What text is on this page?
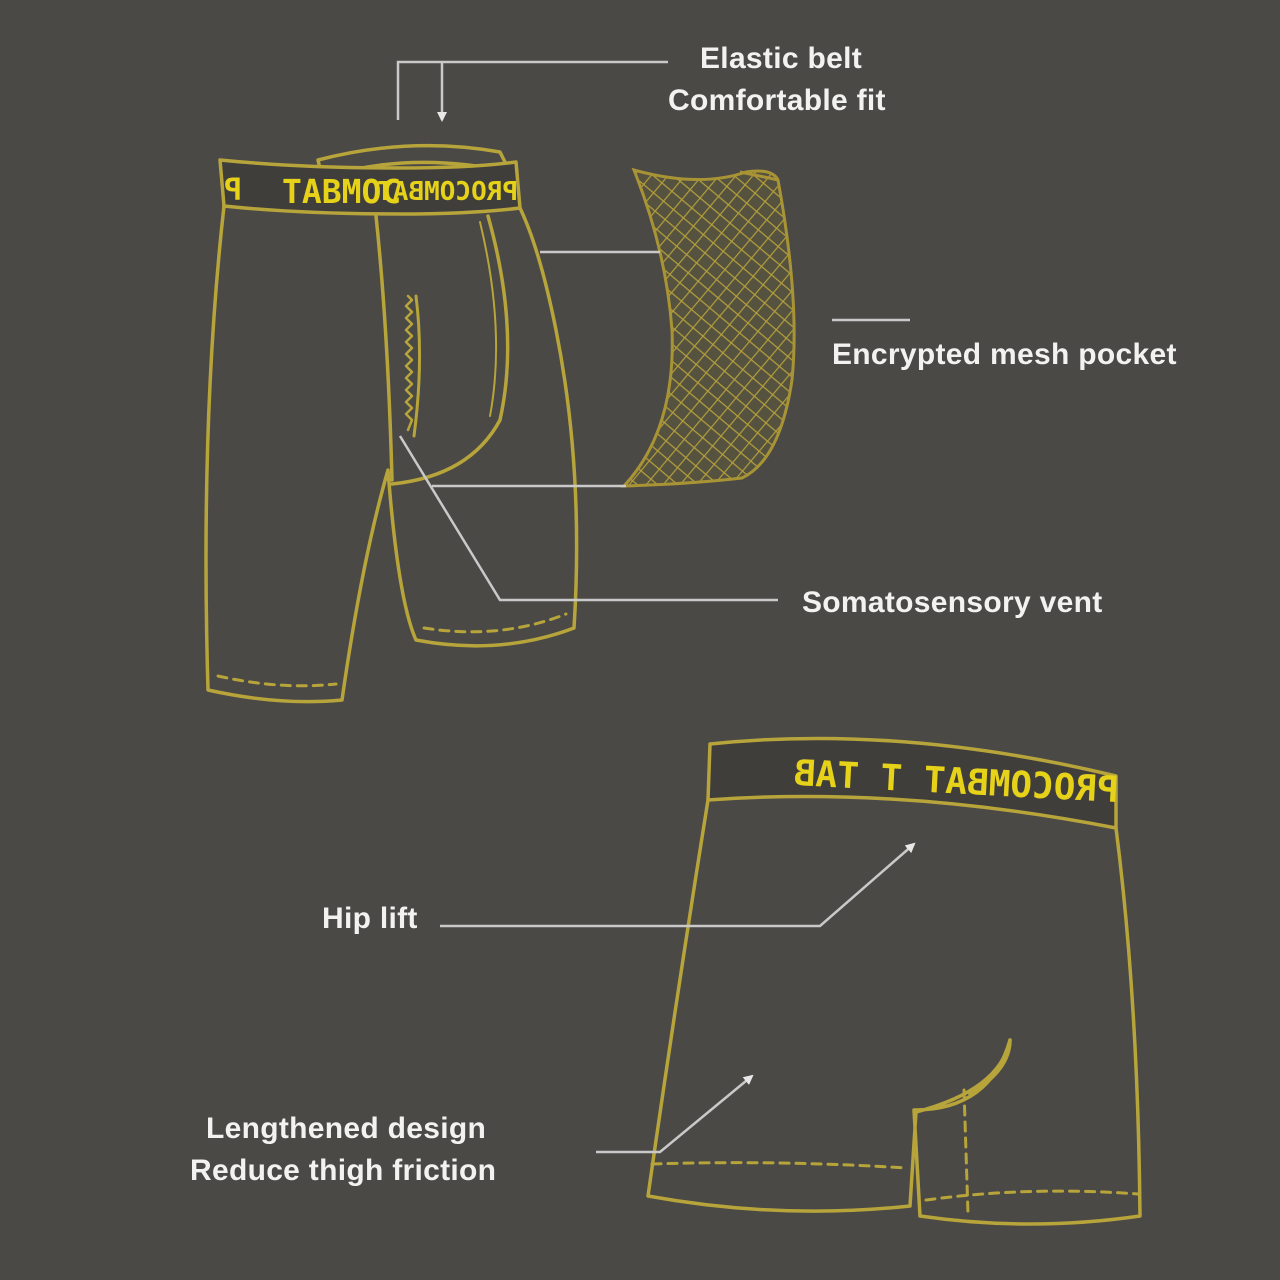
TABMOC
PROCOMBAT
P
PROCOMBAT T TAB
Elastic belt
Comfortable fit
Encrypted mesh pocket
Somatosensory vent
Hip lift
Lengthened design
Reduce thigh friction
